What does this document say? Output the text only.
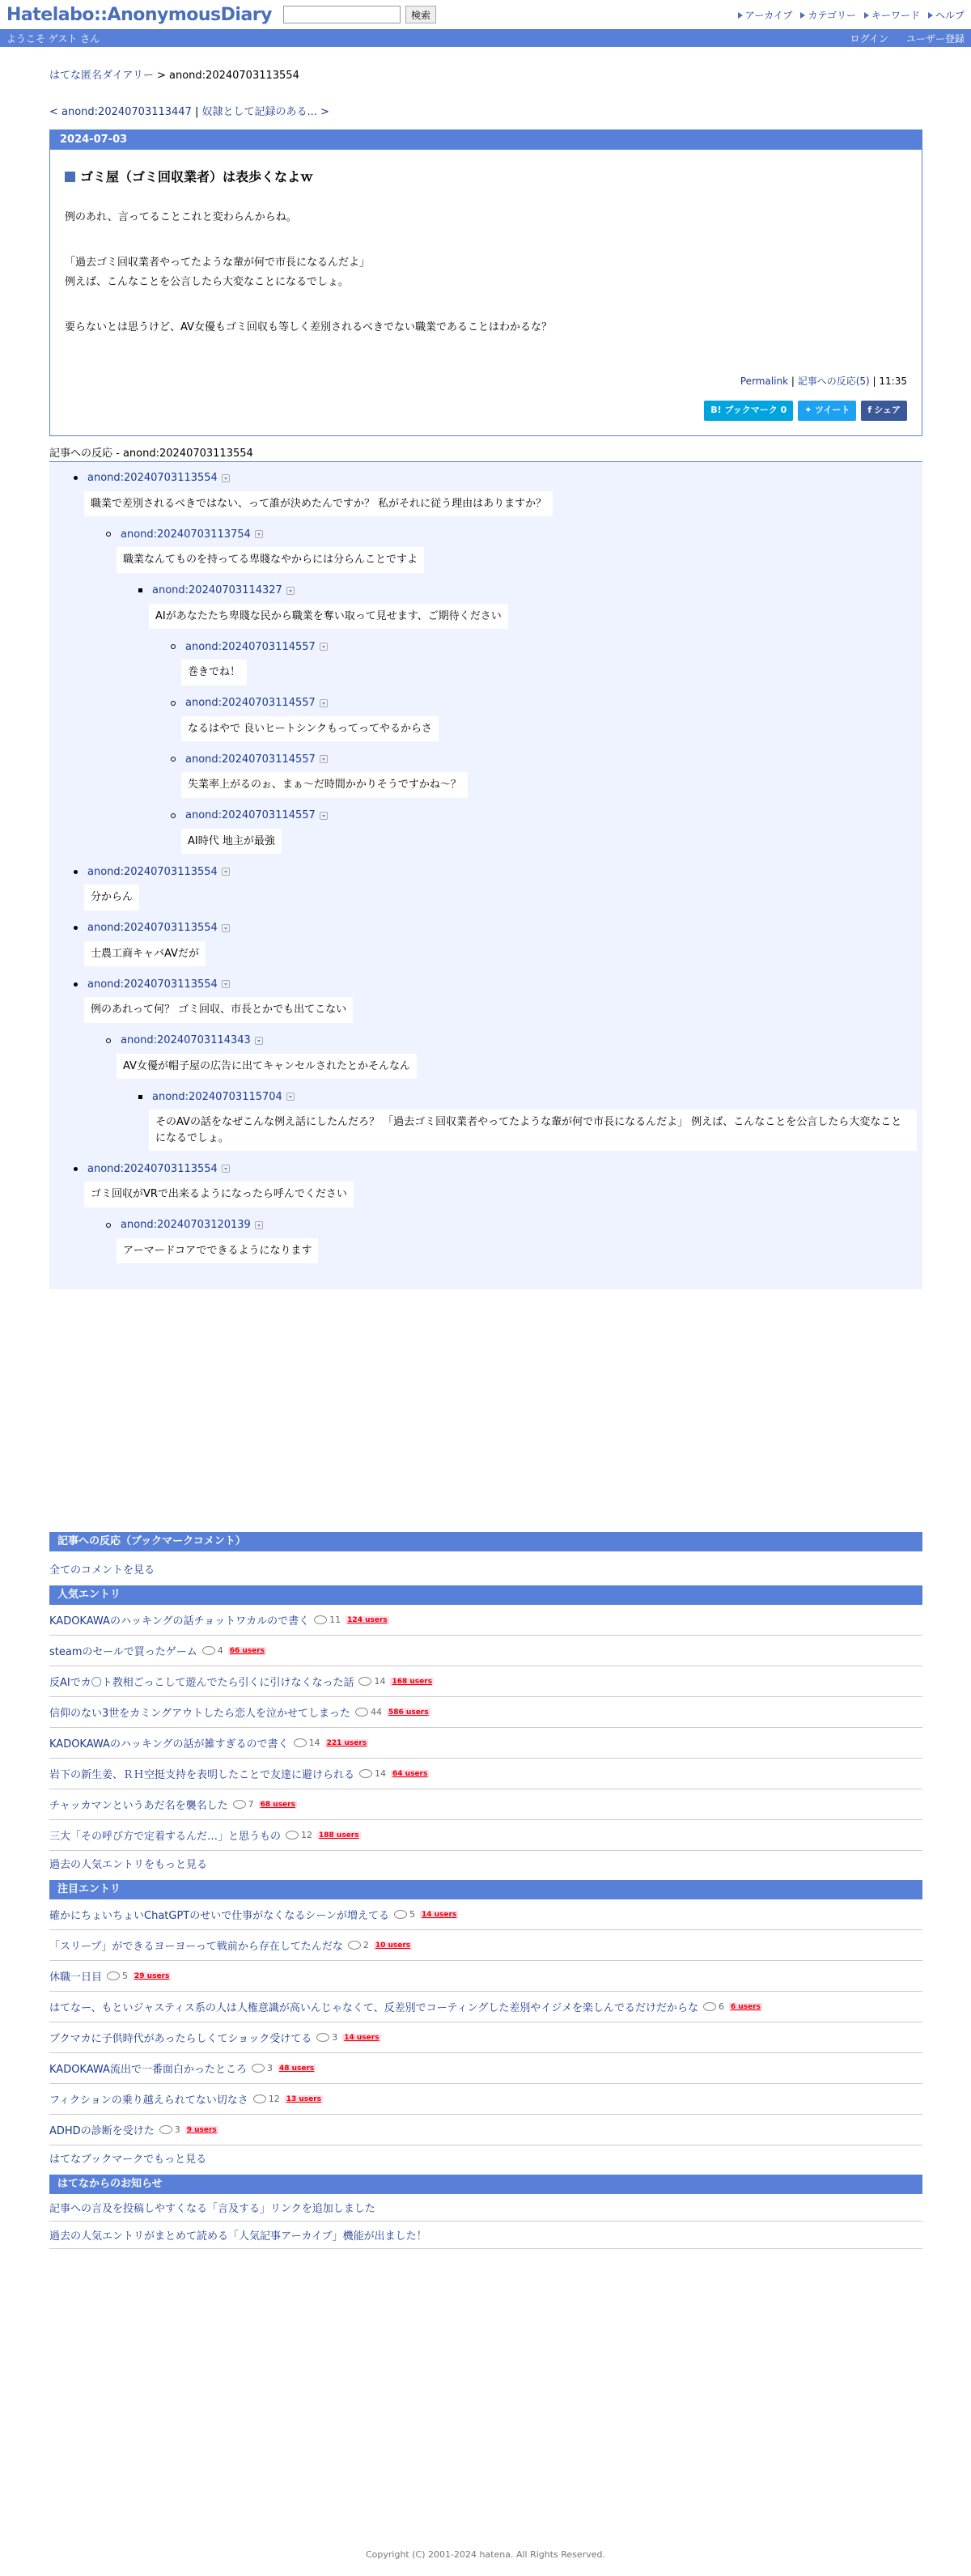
Hatelabo::AnonymousDiary	検索	アーカイブ	カテゴリー	キーワード	ヘルプ
ようこそ ゲスト さん	ログイン ユーザー登録
はてな匿名ダイアリー > anond:20240703113554
< anond:20240703113447 | 奴隷として記録のある... >
2024-07-03
ゴミ屋（ゴミ回収業者）は表歩くなよｗ

例のあれ、言ってることこれと変わらんからね。

「過去ゴミ回収業者やってたような輩が何で市長になるんだよ」

例えば、こんなことを公言したら大変なことになるでしょ。

要らないとは思うけど、AV女優もゴミ回収も等しく差別されるべきでない職業であることはわかるな？

Permalink | 記事への反応(5) | 11:35
B! ブックマーク 0	✦ ツイート	f シェア
記事への反応 - anond:20240703113554
anond:20240703113554
職業で差別されるべきではない、って誰が決めたんですか？ 私がそれに従う理由はありますか？
anond:20240703113754
職業なんてものを持ってる卑賤なやからには分らんことですよ
anond:20240703114327
AIがあなたたち卑賤な民から職業を奪い取って見せます、ご期待ください
anond:20240703114557
巻きでね！
anond:20240703114557
なるはやで 良いヒートシンクもってってやるからさ
anond:20240703114557
失業率上がるのぉ、まぁ〜だ時間かかりそうですかね〜？
anond:20240703114557
AI時代 地主が最強
anond:20240703113554
分からん
anond:20240703113554
士農工商キャバAVだが
anond:20240703113554
例のあれって何？ ゴミ回収、市長とかでも出てこない
anond:20240703114343
AV女優が帽子屋の広告に出てキャンセルされたとかそんなん
anond:20240703115704
そのAVの話をなぜこんな例え話にしたんだろ？ 「過去ゴミ回収業者やってたような輩が何で市長になるんだよ」 例えば、こんなことを公言したら大変なことになるでしょ。
anond:20240703113554
ゴミ回収がVRで出来るようになったら呼んでください
anond:20240703120139
アーマードコアでできるようになります
記事への反応（ブックマークコメント）
全てのコメントを見る
人気エントリ
KADOKAWAのハッキングの話チョットワカルので書く 11 124 users
steamのセールで買ったゲーム 4 66 users
反AIでカ〇ト教相ごっこして遊んでたら引くに引けなくなった話 14 168 users
信仰のない3世をカミングアウトしたら恋人を泣かせてしまった 44 586 users
KADOKAWAのハッキングの話が雑すぎるので書く 14 221 users
岩下の新生姜、ＲＨ空挺支持を表明したことで友達に避けられる 14 64 users
チャッカマンというあだ名を襲名した 7 68 users
三大「その呼び方で定着するんだ…」と思うもの 12 188 users
過去の人気エントリをもっと見る
注目エントリ
確かにちょいちょいChatGPTのせいで仕事がなくなるシーンが増えてる 5 14 users
「スリープ」ができるヨーヨーって戦前から存在してたんだな 2 10 users
休職一日目 5 29 users
はてなー、もといジャスティス系の人は人権意識が高いんじゃなくて、反差別でコーティングした差別やイジメを楽しんでるだけだからな 6 6 users
ブクマカに子供時代があったらしくてショック受けてる 3 14 users
KADOKAWA流出で一番面白かったところ 3 48 users
フィクションの乗り越えられてない切なさ 12 13 users
ADHDの診断を受けた 3 9 users
はてなブックマークでもっと見る
はてなからのお知らせ
記事への言及を投稿しやすくなる「言及する」リンクを追加しました
過去の人気エントリがまとめて読める「人気記事アーカイブ」機能が出ました！
Copyright (C) 2001-2024 hatena. All Rights Reserved.
